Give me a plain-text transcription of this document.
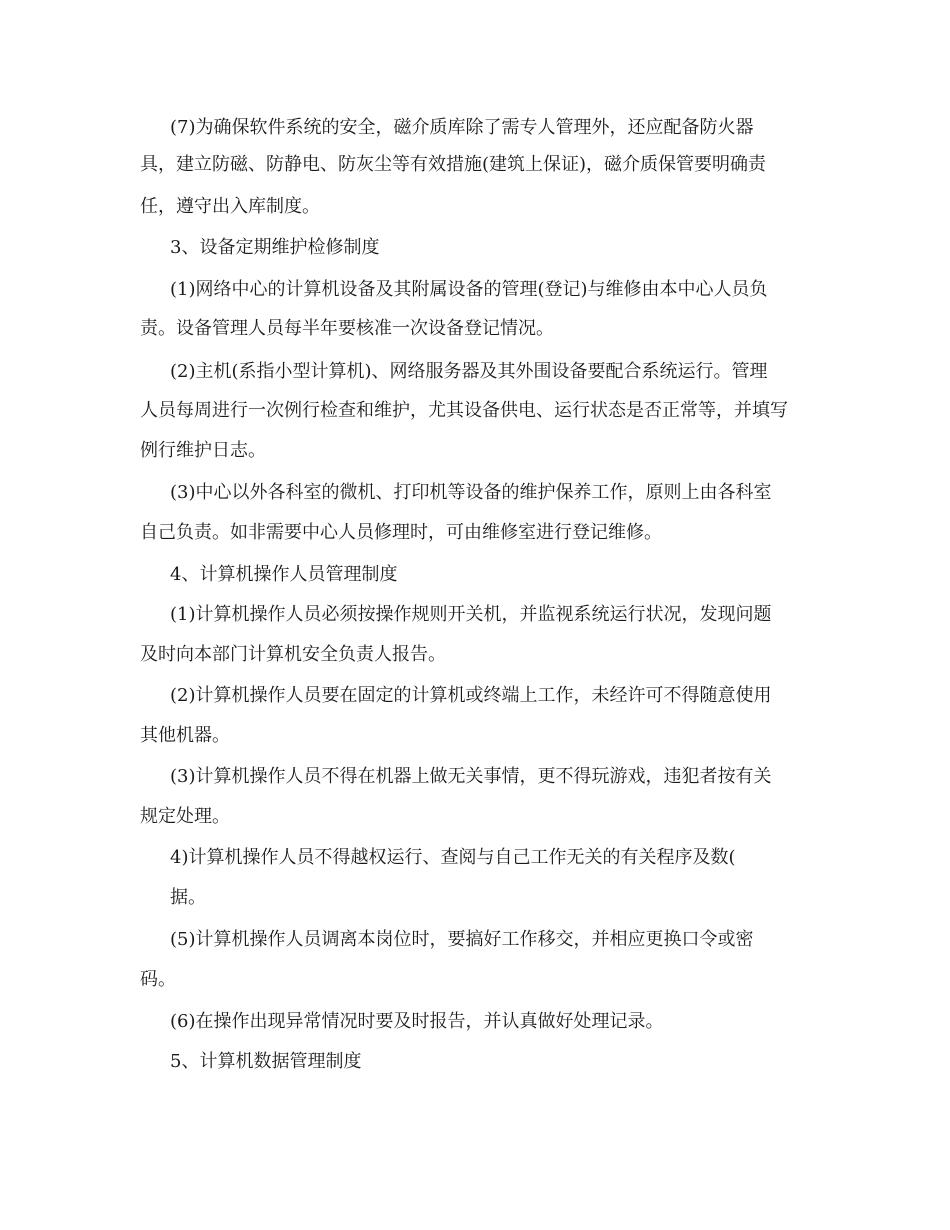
(7)为确保软件系统的安全，磁介质库除了需专人管理外，还应配备防火器
具，建立防磁、防静电、防灰尘等有效措施(建筑上保证)，磁介质保管要明确责
任，遵守出入库制度。
3、设备定期维护检修制度
(1)网络中心的计算机设备及其附属设备的管理(登记)与维修由本中心人员负
责。设备管理人员每半年要核准一次设备登记情况。
(2)主机(系指小型计算机)、网络服务器及其外围设备要配合系统运行。管理
人员每周进行一次例行检查和维护，尤其设备供电、运行状态是否正常等，并填写
例行维护日志。
(3)中心以外各科室的微机、打印机等设备的维护保养工作，原则上由各科室
自己负责。如非需要中心人员修理时，可由维修室进行登记维修。
4、计算机操作人员管理制度
(1)计算机操作人员必须按操作规则开关机，并监视系统运行状况，发现问题
及时向本部门计算机安全负责人报告。
(2)计算机操作人员要在固定的计算机或终端上工作，未经许可不得随意使用
其他机器。
(3)计算机操作人员不得在机器上做无关事情，更不得玩游戏，违犯者按有关
规定处理。
4)计算机操作人员不得越权运行、查阅与自己工作无关的有关程序及数(
据。
(5)计算机操作人员调离本岗位时，要搞好工作移交，并相应更换口令或密
码。
(6)在操作出现异常情况时要及时报告，并认真做好处理记录。
5、计算机数据管理制度
